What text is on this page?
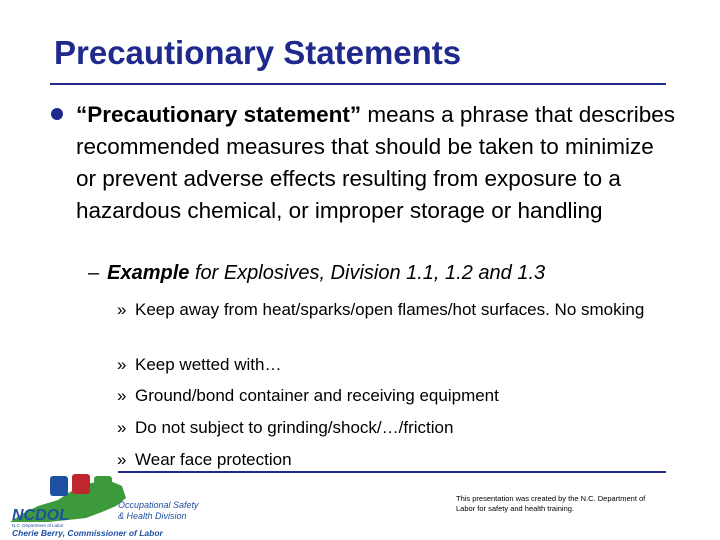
Precautionary Statements

“Precautionary statement” means a phrase that describes recommended measures that should be taken to minimize or prevent adverse effects resulting from exposure to a hazardous chemical, or improper storage or handling

– Example for Explosives, Division 1.1, 1.2 and 1.3

» Keep away from heat/sparks/open flames/hot surfaces. No smoking

» Keep wetted with…

» Ground/bond container and receiving equipment

» Do not subject to grinding/shock/…/friction

» Wear face protection

NCDOL
N.C. Department of Labor
Occupational Safety
& Health Division
Cherie Berry, Commissioner of Labor

This presentation was created by the N.C. Department of Labor for safety and health training.
